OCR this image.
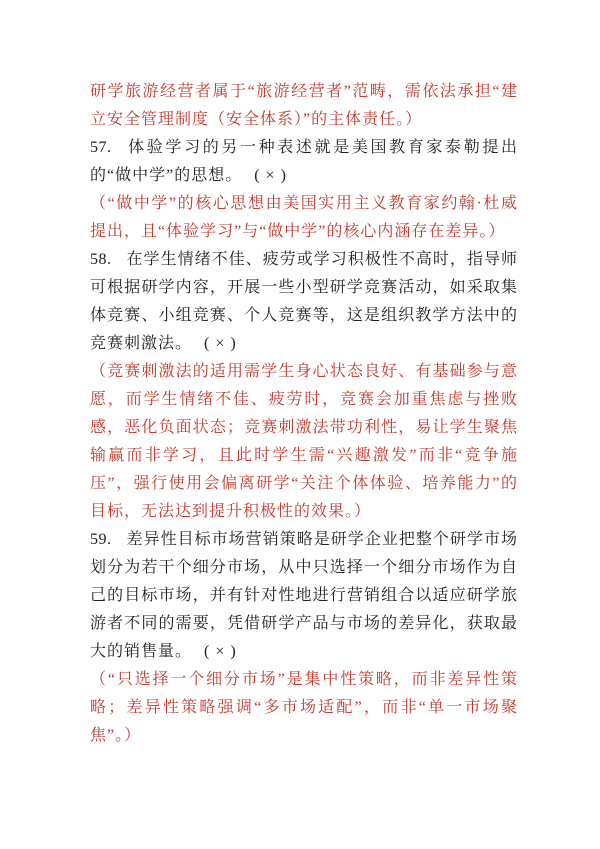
研学旅游经营者属于“旅游经营者”范畴，需依法承担“建立安全管理制度（安全体系）”的主体责任。）

57. 体验学习的另一种表述就是美国教育家泰勒提出的“做中学”的思想。 ( × )

（“做中学”的核心思想由美国实用主义教育家约翰·杜威提出，且“体验学习”与“做中学”的核心内涵存在差异。）

58. 在学生情绪不佳、疲劳或学习积极性不高时，指导师可根据研学内容，开展一些小型研学竞赛活动，如采取集体竞赛、小组竞赛、个人竞赛等，这是组织教学方法中的竞赛刺激法。 ( × )

（竞赛刺激法的适用需学生身心状态良好、有基础参与意愿，而学生情绪不佳、疲劳时，竞赛会加重焦虑与挫败感，恶化负面状态；竞赛刺激法带功利性，易让学生聚焦输赢而非学习，且此时学生需“兴趣激发”而非“竞争施压”，强行使用会偏离研学“关注个体体验、培养能力”的目标，无法达到提升积极性的效果。）

59. 差异性目标市场营销策略是研学企业把整个研学市场划分为若干个细分市场，从中只选择一个细分市场作为自己的目标市场，并有针对性地进行营销组合以适应研学旅游者不同的需要，凭借研学产品与市场的差异化，获取最大的销售量。 ( × )

（“只选择一个细分市场”是集中性策略，而非差异性策略；差异性策略强调“多市场适配”，而非“单一市场聚焦”。）
